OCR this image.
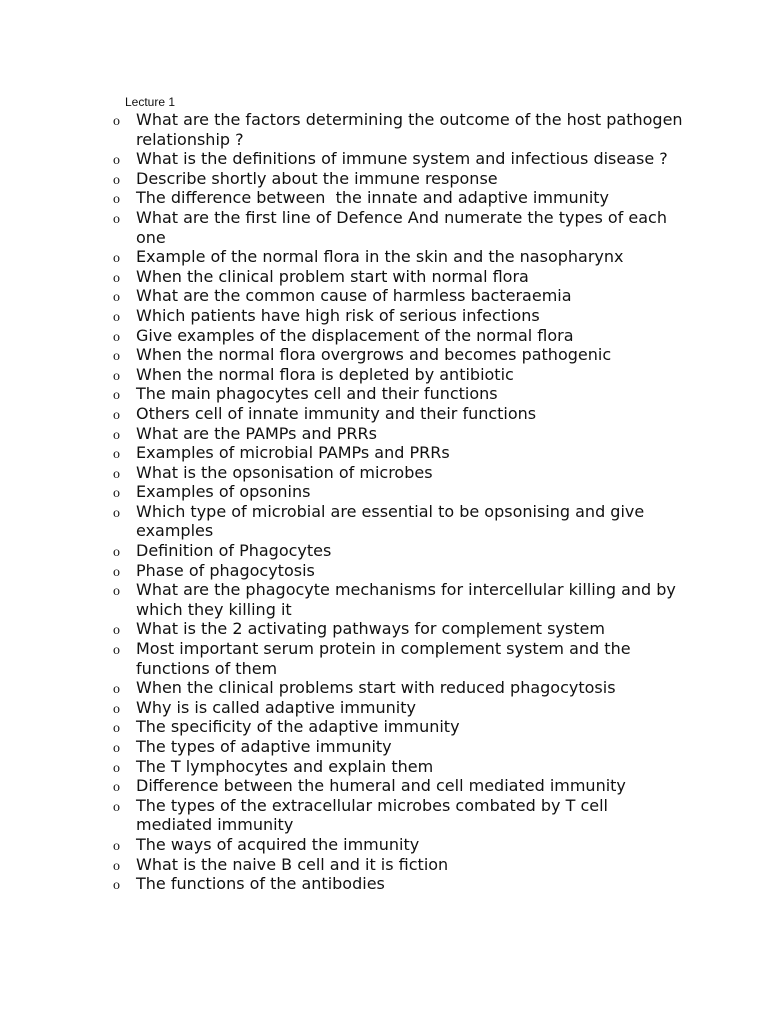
Lecture 1
o What are the factors determining the outcome of the host pathogen relationship ?
o What is the definitions of immune system and infectious disease ?
o Describe shortly about the immune response
o The difference between  the innate and adaptive immunity
o What are the first line of Defence And numerate the types of each one
o Example of the normal flora in the skin and the nasopharynx
o When the clinical problem start with normal flora
o What are the common cause of harmless bacteraemia
o Which patients have high risk of serious infections
o Give examples of the displacement of the normal flora
o When the normal flora overgrows and becomes pathogenic
o When the normal flora is depleted by antibiotic
o The main phagocytes cell and their functions
o Others cell of innate immunity and their functions
o What are the PAMPs and PRRs
o Examples of microbial PAMPs and PRRs
o What is the opsonisation of microbes
o Examples of opsonins
o Which type of microbial are essential to be opsonising and give examples
o Definition of Phagocytes
o Phase of phagocytosis
o What are the phagocyte mechanisms for intercellular killing and by which they killing it
o What is the 2 activating pathways for complement system
o Most important serum protein in complement system and the functions of them
o When the clinical problems start with reduced phagocytosis
o Why is is called adaptive immunity
o The specificity of the adaptive immunity
o The types of adaptive immunity
o The T lymphocytes and explain them
o Difference between the humeral and cell mediated immunity
o The types of the extracellular microbes combated by T cell mediated immunity
o The ways of acquired the immunity
o What is the naive B cell and it is fiction
o The functions of the antibodies
